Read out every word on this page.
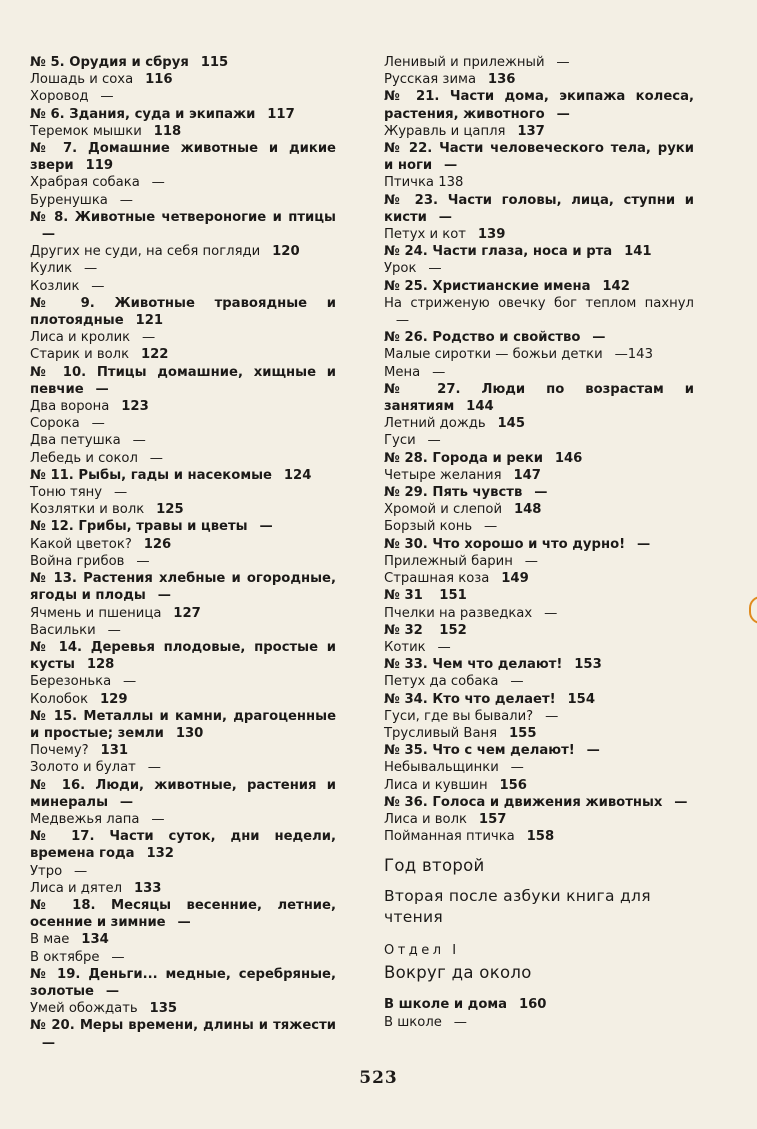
№ 5. Орудия и сбруя 115

Лошадь и соха 116

Хоровод —

№ 6. Здания, суда и экипажи 117

Теремок мышки 118

№ 7. Домашние животные и дикие звери 119

Храбрая собака —

Буренушка —

№ 8. Животные четвероногие и птицы—

Других не суди, на себя погляди 120

Кулик —

Козлик —

№ 9. Животные травоядные и плотоядные 121

Лиса и кролик —

Старик и волк 122

№ 10. Птицы домашние, хищные и певчие —

Два ворона 123

Сорока —

Два петушка —

Лебедь и сокол —

№ 11. Рыбы, гады и насекомые 124

Тоню тяну —

Козлятки и волк 125

№ 12. Грибы, травы и цветы —

Какой цветок? 126

Война грибов —

№ 13. Растения хлебные и огородные, ягоды и плоды —

Ячмень и пшеница 127

Васильки —

№ 14. Деревья плодовые, простые и кусты 128

Березонька —

Колобок 129

№ 15. Металлы и камни, драгоценные и простые; земли 130

Почему? 131

Золото и булат —

№ 16. Люди, животные, растения и минералы —

Медвежья лапа —

№ 17. Части суток, дни недели, времена года 132

Утро —

Лиса и дятел 133

№ 18. Месяцы весенние, летние, осенние и зимние —

В мае 134

В октябре —

№ 19. Деньги... медные, серебряные, золотые —

Умей обождать 135

№ 20. Меры времени, длины и тяжести—

Ленивый и прилежный —

Русская зима 136

№ 21. Части дома, экипажа колеса, растения, животного —

Журавль и цапля 137

№ 22. Части человеческого тела, руки и ноги —

Птичка 138

№ 23. Части головы, лица, ступни и кисти —

Петух и кот 139

№ 24. Части глаза, носа и рта 141

Урок —

№ 25. Христианские имена 142

На стриженую овечку бог теплом пахнул—

№ 26. Родство и свойство —

Малые сиротки — божьи детки —143

Мена —

№ 27. Люди по возрастам и занятиям 144

Летний дождь 145

Гуси —

№ 28. Города и реки 146

Четыре желания 147

№ 29. Пять чувств —

Хромой и слепой 148

Борзый конь —

№ 30. Что хорошо и что дурно! —

Прилежный барин —

Страшная коза 149

№ 31 151

Пчелки на разведках —

№ 32 152

Котик —

№ 33. Чем что делают! 153

Петух да собака —

№ 34. Кто что делает! 154

Гуси, где вы бывали? —

Трусливый Ваня 155

№ 35. Что с чем делают! —

Небывальщинки —

Лиса и кувшин 156

№ 36. Голоса и движения животных —

Лиса и волк 157

Пойманная птичка 158

Год второй
Вторая после азбуки книга для чтения
Отдел I
Вокруг да около

В школе и дома 160

В школе —

523
